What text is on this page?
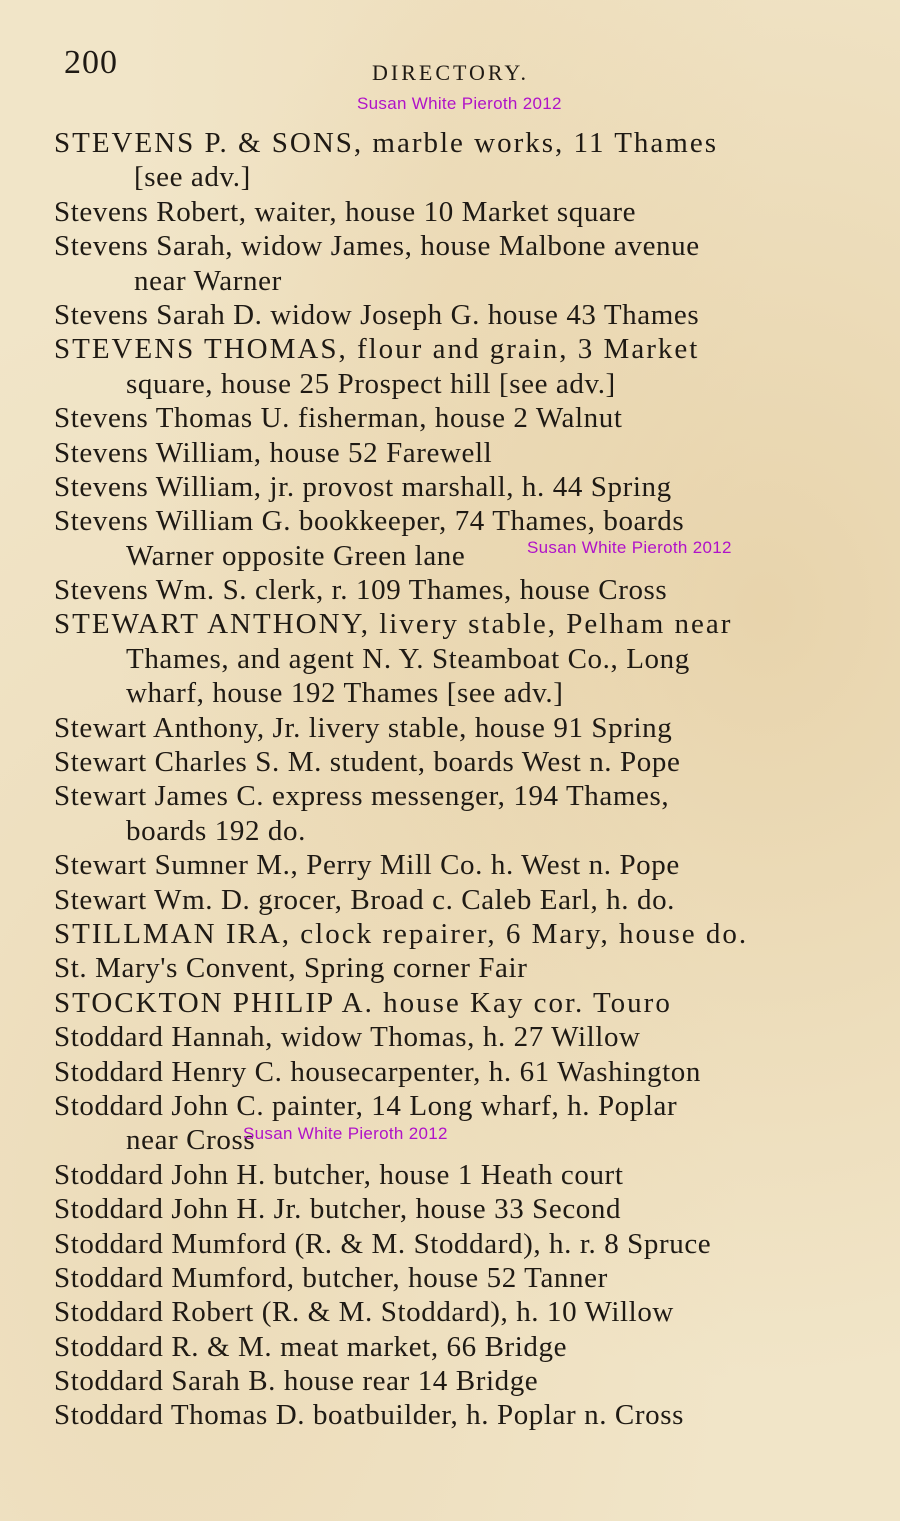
200	DIRECTORY.
Susan White Pieroth 2012
STEVENS P. & SONS, marble works, 11 Thames
[see adv.]
Stevens Robert, waiter, house 10 Market square
Stevens Sarah, widow James, house Malbone avenue
near Warner
Stevens Sarah D. widow Joseph G. house 43 Thames
STEVENS THOMAS, flour and grain, 3 Market
square, house 25 Prospect hill [see adv.]
Stevens Thomas U. fisherman, house 2 Walnut
Stevens William, house 52 Farewell
Stevens William, jr. provost marshall, h. 44 Spring
Stevens William G. bookkeeper, 74 Thames, boards
Warner opposite Green lane
Stevens Wm. S. clerk, r. 109 Thames, house Cross
STEWART ANTHONY, livery stable, Pelham near
Thames, and agent N. Y. Steamboat Co., Long
wharf, house 192 Thames [see adv.]
Stewart Anthony, Jr. livery stable, house 91 Spring
Stewart Charles S. M. student, boards West n. Pope
Stewart James C. express messenger, 194 Thames,
boards 192 do.
Stewart Sumner M., Perry Mill Co. h. West n. Pope
Stewart Wm. D. grocer, Broad c. Caleb Earl, h. do.
STILLMAN IRA, clock repairer, 6 Mary, house do.
St. Mary's Convent, Spring corner Fair
STOCKTON PHILIP A. house Kay cor. Touro
Stoddard Hannah, widow Thomas, h. 27 Willow
Stoddard Henry C. housecarpenter, h. 61 Washington
Stoddard John C. painter, 14 Long wharf, h. Poplar
near Cross
Stoddard John H. butcher, house 1 Heath court
Stoddard John H. Jr. butcher, house 33 Second
Stoddard Mumford (R. & M. Stoddard), h. r. 8 Spruce
Stoddard Mumford, butcher, house 52 Tanner
Stoddard Robert (R. & M. Stoddard), h. 10 Willow
Stoddard R. & M. meat market, 66 Bridge
Stoddard Sarah B. house rear 14 Bridge
Stoddard Thomas D. boatbuilder, h. Poplar n. Cross
Susan White Pieroth 2012
Susan White Pieroth 2012
